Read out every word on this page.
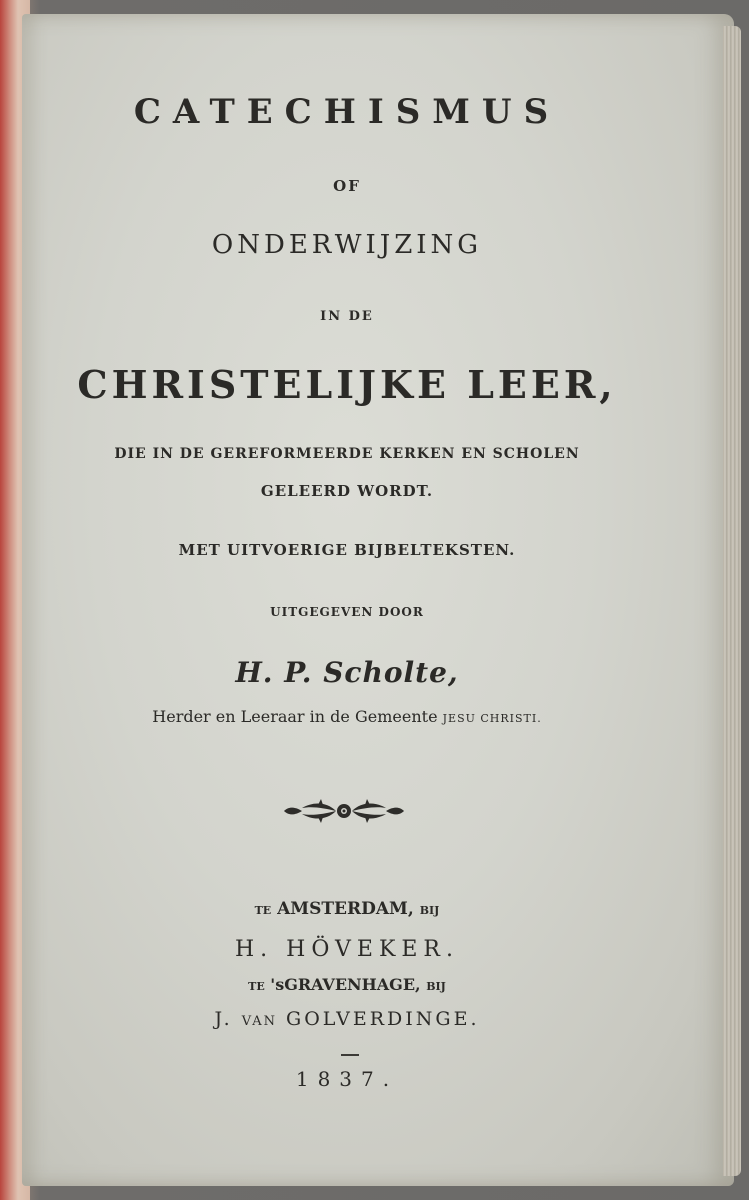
CATECHISMUS
OF
ONDERWIJZING
IN DE
CHRISTELIJKE LEER,
DIE IN DE GEREFORMEERDE KERKEN EN SCHOLEN
GELEERD WORDT.
MET UITVOERIGE BIJBELTEKSTEN.
UITGEGEVEN DOOR
H. P. Scholte,
Herder en Leeraar in de Gemeente JESU CHRISTI.
TE AMSTERDAM, BIJ
H. HÖVEKER.
TE 'sGRAVENHAGE, BIJ
J. VAN GOLVERDINGE.
1837.
